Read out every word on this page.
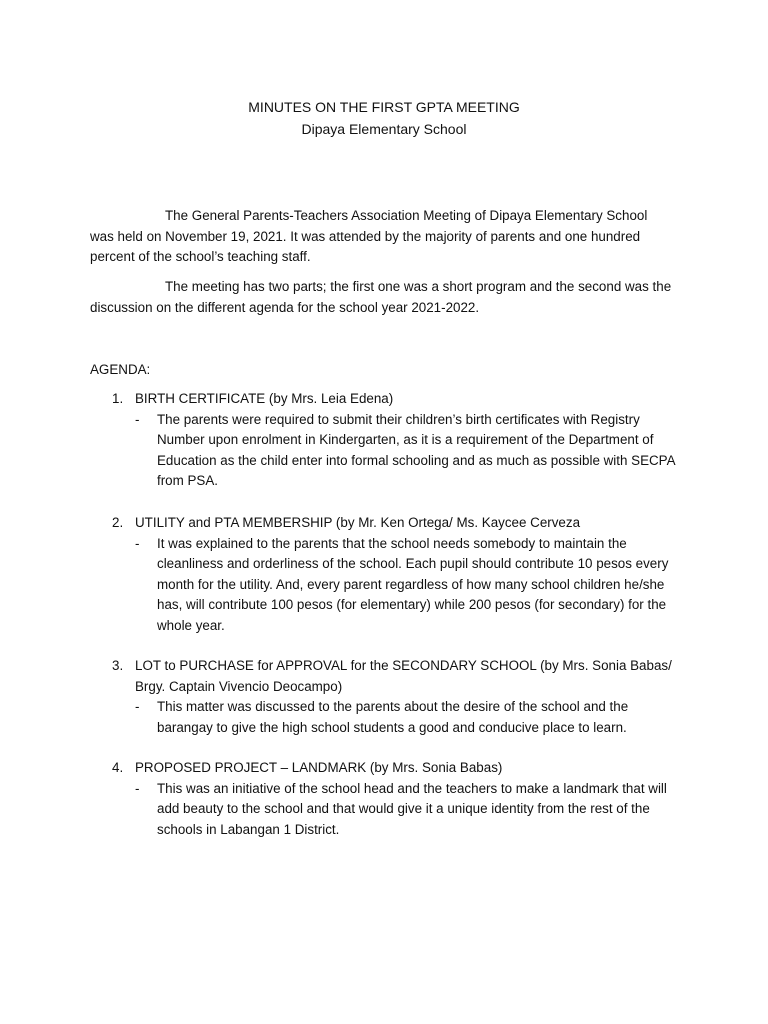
MINUTES ON THE FIRST GPTA MEETING

Dipaya Elementary School

The General Parents-Teachers Association Meeting of Dipaya Elementary School was held on November 19, 2021. It was attended by the majority of parents and one hundred percent of the school’s teaching staff.

The meeting has two parts; the first one was a short program and the second was the discussion on the different agenda for the school year 2021-2022.

AGENDA:

1. BIRTH CERTIFICATE (by Mrs. Leia Edena)
-	The parents were required to submit their children’s birth certificates with Registry Number upon enrolment in Kindergarten, as it is a requirement of the Department of Education as the child enter into formal schooling and as much as possible with SECPA from PSA.
2. UTILITY and PTA MEMBERSHIP (by Mr. Ken Ortega/ Ms. Kaycee Cerveza
-	It was explained to the parents that the school needs somebody to maintain the cleanliness and orderliness of the school. Each pupil should contribute 10 pesos every month for the utility. And, every parent regardless of how many school children he/she has, will contribute 100 pesos (for elementary) while 200 pesos (for secondary) for the whole year.
3. LOT to PURCHASE for APPROVAL for the SECONDARY SCHOOL (by Mrs. Sonia Babas/ Brgy. Captain Vivencio Deocampo)
-	This matter was discussed to the parents about the desire of the school and the barangay to give the high school students a good and conducive place to learn.
4. PROPOSED PROJECT – LANDMARK (by Mrs. Sonia Babas)
-	This was an initiative of the school head and the teachers to make a landmark that will add beauty to the school and that would give it a unique identity from the rest of the schools in Labangan 1 District.
